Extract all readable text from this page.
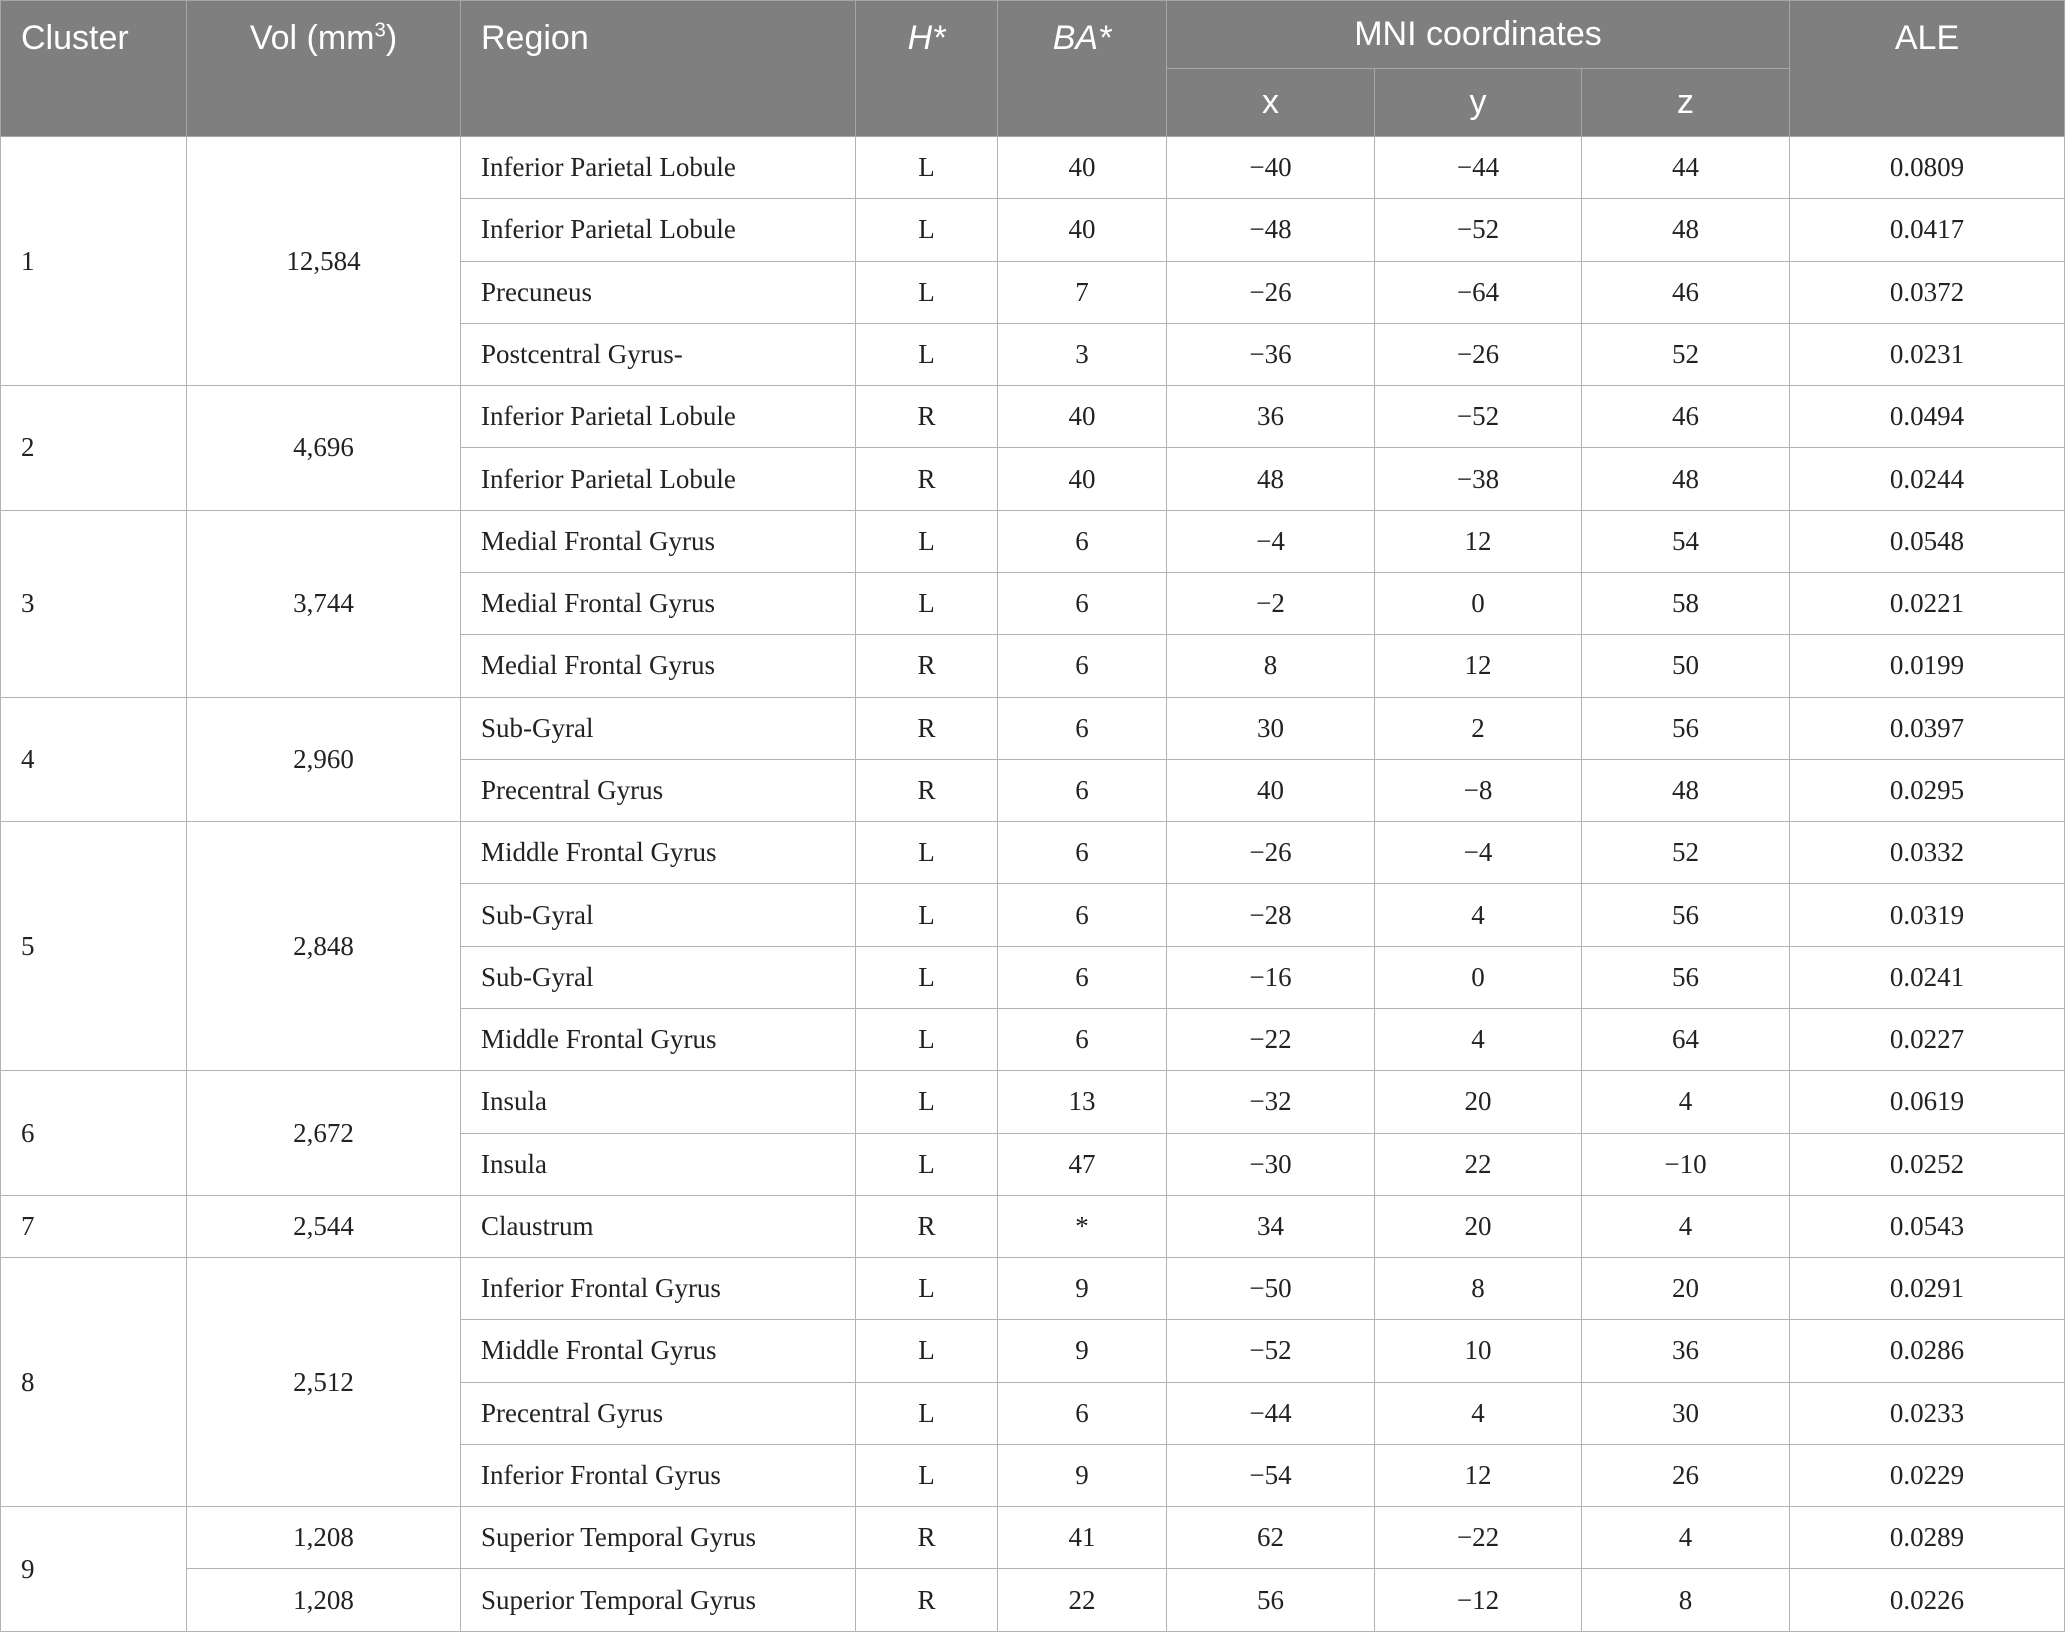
Cluster	Vol $(mm^3)$	Region	H*	BA*	MNI coordinates			ALE
					x	y	z	
1	12,584	Inferior Parietal Lobule	L	40	−40	−44	44	0.0809
		Inferior Parietal Lobule	L	40	−48	−52	48	0.0417
		Precuneus	L	7	−26	−64	46	0.0372
		Postcentral Gyrus-	L	3	−36	−26	52	0.0231
2	4,696	Inferior Parietal Lobule	R	40	36	−52	46	0.0494
		Inferior Parietal Lobule	R	40	48	−38	48	0.0244
3	3,744	Medial Frontal Gyrus	L	6	−4	12	54	0.0548
		Medial Frontal Gyrus	L	6	−2	0	58	0.0221
		Medial Frontal Gyrus	R	6	8	12	50	0.0199
4	2,960	Sub-Gyral	R	6	30	2	56	0.0397
		Precentral Gyrus	R	6	40	−8	48	0.0295
5	2,848	Middle Frontal Gyrus	L	6	−26	−4	52	0.0332
		Sub-Gyral	L	6	−28	4	56	0.0319
		Sub-Gyral	L	6	−16	0	56	0.0241
		Middle Frontal Gyrus	L	6	−22	4	64	0.0227
6	2,672	Insula	L	13	−32	20	4	0.0619
		Insula	L	47	−30	22	−10	0.0252
7	2,544	Claustrum	R	*	34	20	4	0.0543
8	2,512	Inferior Frontal Gyrus	L	9	−50	8	20	0.0291
		Middle Frontal Gyrus	L	9	−52	10	36	0.0286
		Precentral Gyrus	L	6	−44	4	30	0.0233
		Inferior Frontal Gyrus	L	9	−54	12	26	0.0229
9	1,208	Superior Temporal Gyrus	R	41	62	−22	4	0.0289
	1,208	Superior Temporal Gyrus	R	22	56	−12	8	0.0226
